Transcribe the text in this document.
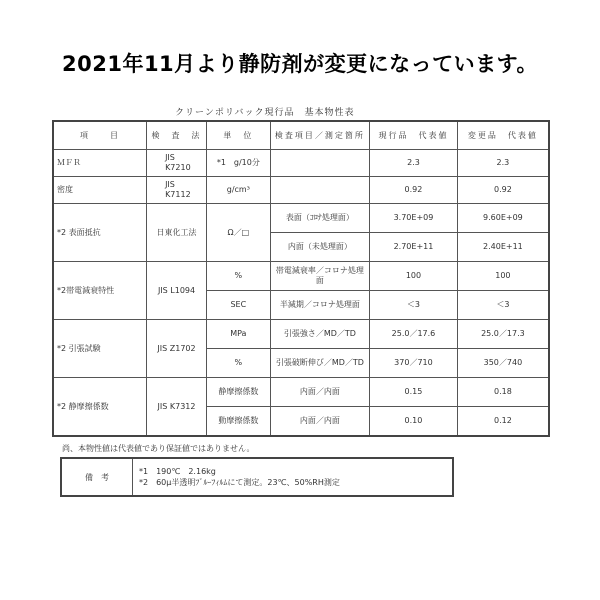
2021年11月より静防剤が変更になっています。
クリーンポリバック現行品　基本物性表
項　　目	検　査　法	単　位	検査項目／測定箇所	現行品　代表値	変更品　代表値
ＭＦＲ	JIS K7210	*1　g/10分		2.3	2.3
密度	JIS K7112	g/cm³		0.92	0.92
*2 表面抵抗	日東化工法	Ω／□	表面（ｺﾛﾅ処理面）	3.70E+09	9.60E+09
			内面（未処理面）	2.70E+11	2.40E+11
*2帯電減衰特性	JIS L1094	%	帯電減衰率／コロナ処理面	100	100
		SEC	半減期／コロナ処理面	＜3	＜3
*2 引張試験	JIS Z1702	MPa	引張強さ／MD／TD	25.0／17.6	25.0／17.3
		%	引張破断伸び／MD／TD	370／710	350／740
*2 静摩擦係数	JIS K7312	静摩擦係数	内面／内面	0.15	0.18
		動摩擦係数	内面／内面	0.10	0.12
尚、本物性値は代表値であり保証値ではありません。
備　考	
*1　190℃　2.16kg
*2　60μ半透明ﾌﾞﾙｰﾌｨﾙﾑにて測定。23℃、50%RH測定
